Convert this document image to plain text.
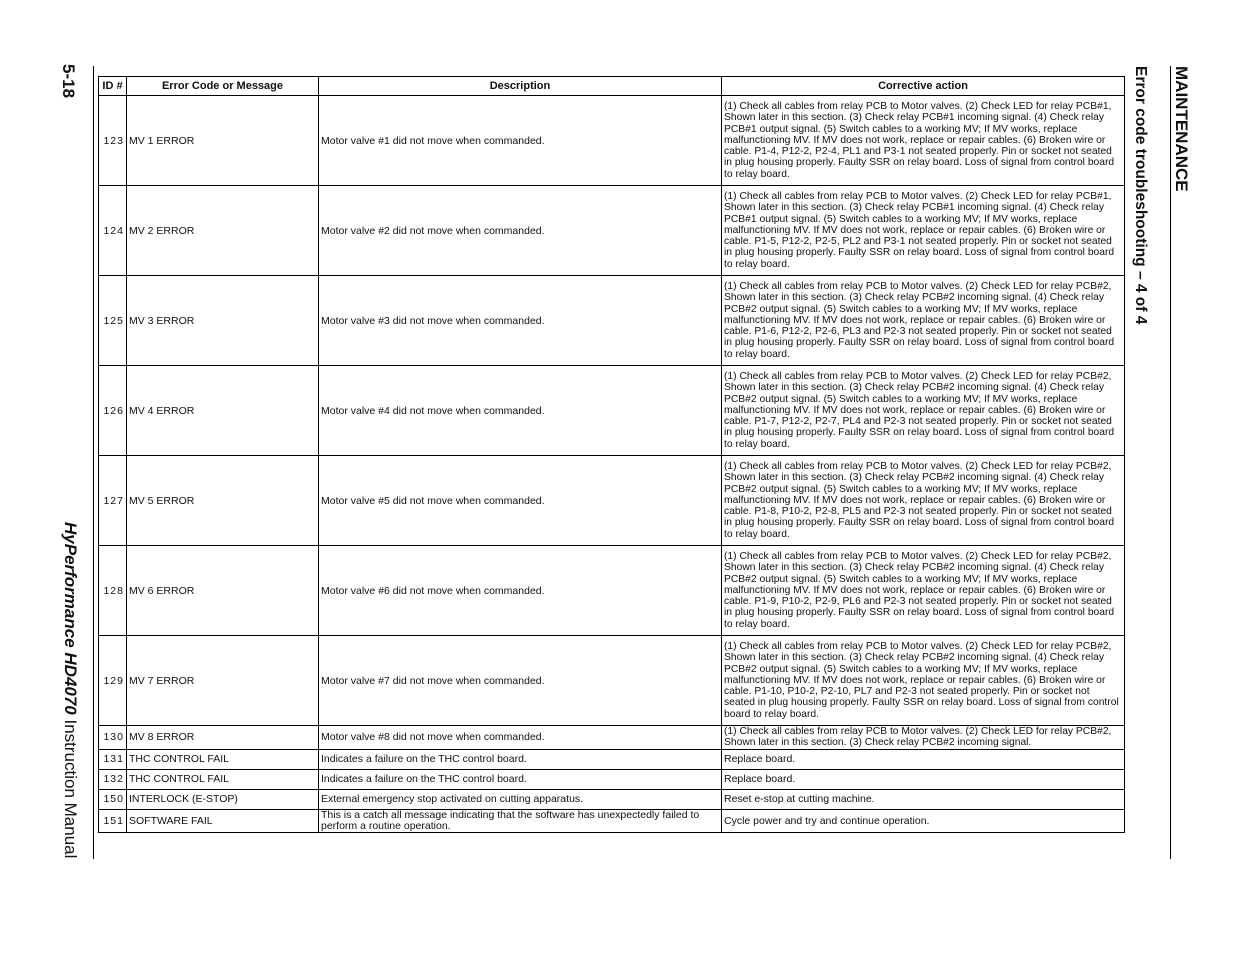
5-18
HyPerformance HD4070 Instruction Manual
MAINTENANCE
Error code troubleshooting – 4 of 4
ID #	Error Code or Message	Description	Corrective action
123	MV 1 ERROR	Motor valve #1 did not move when commanded.	(1) Check all cables from relay PCB to Motor valves. (2) Check LED for relay PCB#1, Shown later in this section. (3) Check relay PCB#1 incoming signal. (4) Check relay PCB#1 output signal. (5) Switch cables to a working MV; If MV works, replace malfunctioning MV. If MV does not work, replace or repair cables. (6) Broken wire or cable. P1-4, P12-2, P2-4, PL1 and P3-1 not seated properly. Pin or socket not seated in plug housing properly. Faulty SSR on relay board. Loss of signal from control board to relay board.
124	MV 2 ERROR	Motor valve #2 did not move when commanded.	(1) Check all cables from relay PCB to Motor valves. (2) Check LED for relay PCB#1, Shown later in this section. (3) Check relay PCB#1 incoming signal. (4) Check relay PCB#1 output signal. (5) Switch cables to a working MV; If MV works, replace malfunctioning MV. If MV does not work, replace or repair cables. (6) Broken wire or cable. P1-5, P12-2, P2-5, PL2 and P3-1 not seated properly. Pin or socket not seated in plug housing properly. Faulty SSR on relay board. Loss of signal from control board to relay board.
125	MV 3 ERROR	Motor valve #3 did not move when commanded.	(1) Check all cables from relay PCB to Motor valves. (2) Check LED for relay PCB#2, Shown later in this section. (3) Check relay PCB#2 incoming signal. (4) Check relay PCB#2 output signal. (5) Switch cables to a working MV; If MV works, replace malfunctioning MV. If MV does not work, replace or repair cables. (6) Broken wire or cable. P1-6, P12-2, P2-6, PL3 and P2-3 not seated properly. Pin or socket not seated in plug housing properly. Faulty SSR on relay board. Loss of signal from control board to relay board.
126	MV 4 ERROR	Motor valve #4 did not move when commanded.	(1) Check all cables from relay PCB to Motor valves. (2) Check LED for relay PCB#2, Shown later in this section. (3) Check relay PCB#2 incoming signal. (4) Check relay PCB#2 output signal. (5) Switch cables to a working MV; If MV works, replace malfunctioning MV. If MV does not work, replace or repair cables. (6) Broken wire or cable. P1-7, P12-2, P2-7, PL4 and P2-3 not seated properly. Pin or socket not seated in plug housing properly. Faulty SSR on relay board. Loss of signal from control board to relay board.
127	MV 5 ERROR	Motor valve #5 did not move when commanded.	(1) Check all cables from relay PCB to Motor valves. (2) Check LED for relay PCB#2, Shown later in this section. (3) Check relay PCB#2 incoming signal. (4) Check relay PCB#2 output signal. (5) Switch cables to a working MV; If MV works, replace malfunctioning MV. If MV does not work, replace or repair cables. (6) Broken wire or cable. P1-8, P10-2, P2-8, PL5 and P2-3 not seated properly. Pin or socket not seated in plug housing properly. Faulty SSR on relay board. Loss of signal from control board to relay board.
128	MV 6 ERROR	Motor valve #6 did not move when commanded.	(1) Check all cables from relay PCB to Motor valves. (2) Check LED for relay PCB#2, Shown later in this section. (3) Check relay PCB#2 incoming signal. (4) Check relay PCB#2 output signal. (5) Switch cables to a working MV; If MV works, replace malfunctioning MV. If MV does not work, replace or repair cables. (6) Broken wire or cable. P1-9, P10-2, P2-9, PL6 and P2-3 not seated properly. Pin or socket not seated in plug housing properly. Faulty SSR on relay board. Loss of signal from control board to relay board.
129	MV 7 ERROR	Motor valve #7 did not move when commanded.	(1) Check all cables from relay PCB to Motor valves. (2) Check LED for relay PCB#2, Shown later in this section. (3) Check relay PCB#2 incoming signal. (4) Check relay PCB#2 output signal. (5) Switch cables to a working MV; If MV works, replace malfunctioning MV. If MV does not work, replace or repair cables. (6) Broken wire or cable. P1-10, P10-2, P2-10, PL7 and P2-3 not seated properly. Pin or socket not seated in plug housing properly. Faulty SSR on relay board. Loss of signal from control board to relay board.
130	MV 8 ERROR	Motor valve #8 did not move when commanded.	(1) Check all cables from relay PCB to Motor valves. (2) Check LED for relay PCB#2, Shown later in this section. (3) Check relay PCB#2 incoming signal.
131	THC CONTROL FAIL	Indicates a failure on the THC control board.	Replace board.
132	THC CONTROL FAIL	Indicates a failure on the THC control board.	Replace board.
150	INTERLOCK (E-STOP)	External emergency stop activated on cutting apparatus.	Reset e-stop at cutting machine.
151	SOFTWARE FAIL	This is a catch all message indicating that the software has unexpectedly failed to perform a routine operation.	Cycle power and try and continue operation.
